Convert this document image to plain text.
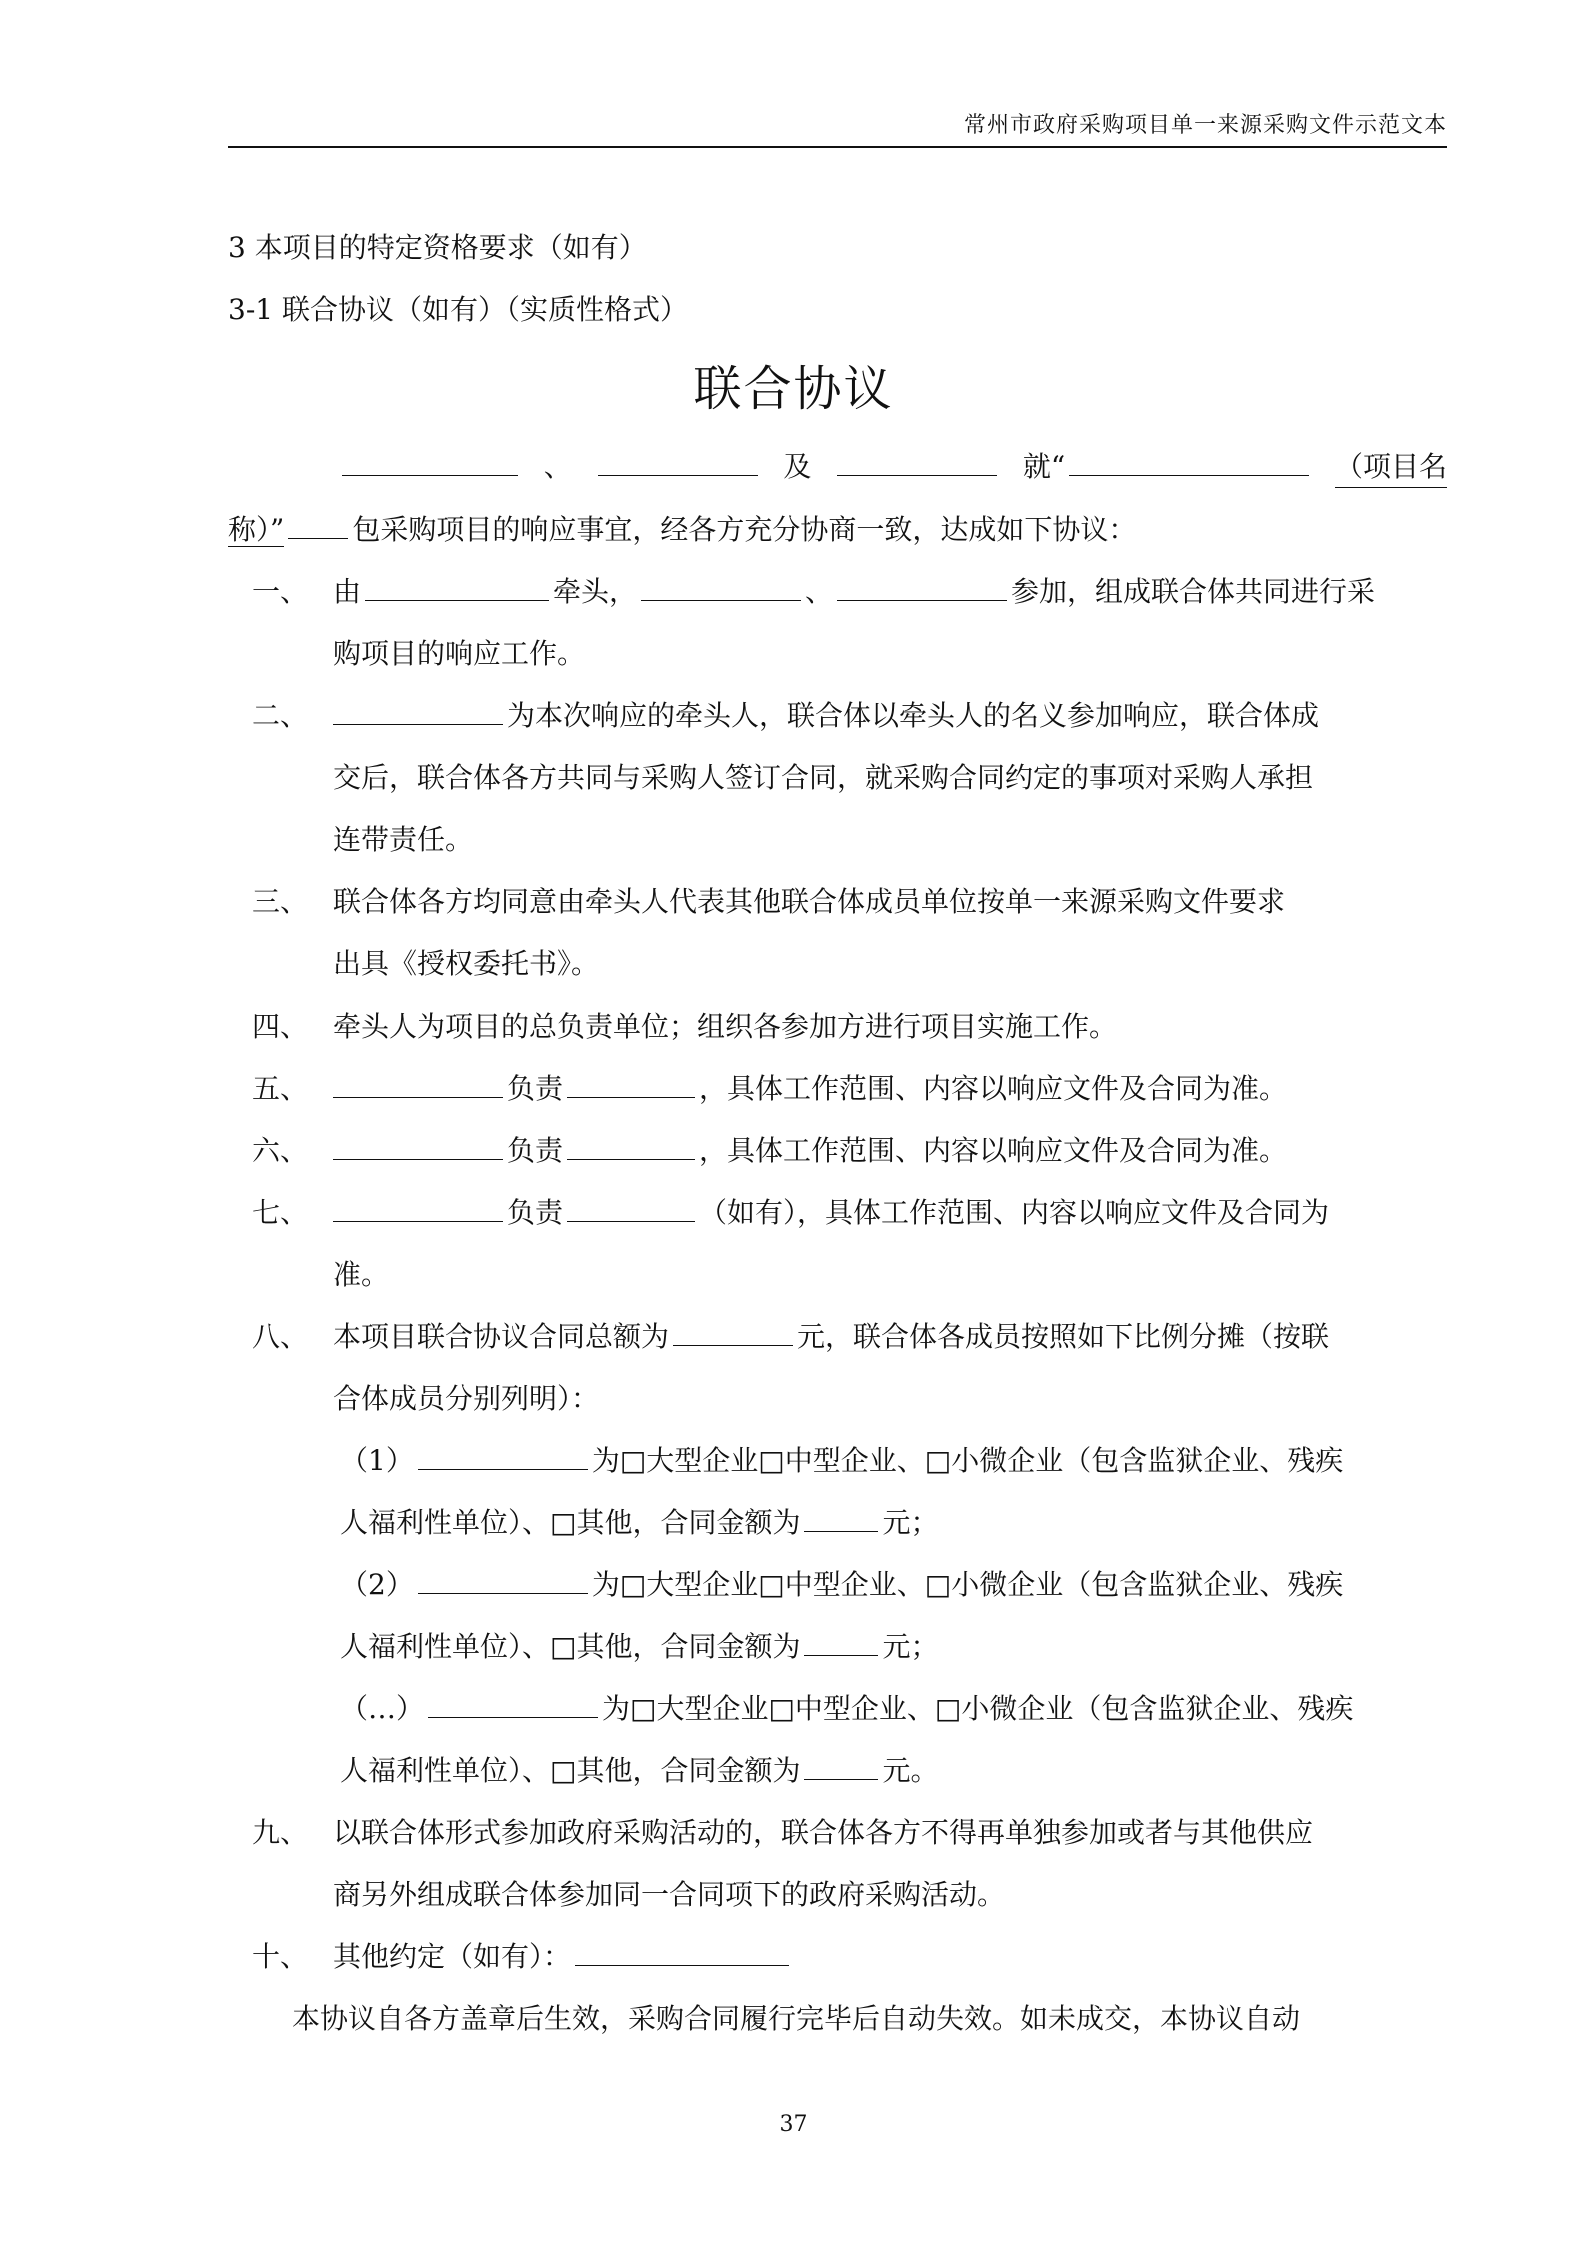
常州市政府采购项目单一来源采购文件示范文本
3 本项目的特定资格要求（如有）
3-1 联合协议（如有）（实质性格式）
联合协议
、	及	就“	（项目名
称）” 包采购项目的响应事宜，经各方充分协商一致，达成如下协议：
一、 由	牵头，	、	参加，组成联合体共同进行采
购项目的响应工作。
二、	为本次响应的牵头人，联合体以牵头人的名义参加响应，联合体成
交后，联合体各方共同与采购人签订合同，就采购合同约定的事项对采购人承担
连带责任。
三、 联合体各方均同意由牵头人代表其他联合体成员单位按单一来源采购文件要求
出具《授权委托书》。
四、 牵头人为项目的总负责单位；组织各参加方进行项目实施工作。
五、	负责	，具体工作范围、内容以响应文件及合同为准。
六、	负责	，具体工作范围、内容以响应文件及合同为准。
七、	负责	（如有），具体工作范围、内容以响应文件及合同为
准。
八、 本项目联合协议合同总额为	元，联合体各成员按照如下比例分摊（按联
合体成员分别列明）：
（1）	为□大型企业□中型企业、□小微企业（包含监狱企业、残疾
人福利性单位）、□其他，合同金额为	元；
（2）	为□大型企业□中型企业、□小微企业（包含监狱企业、残疾
人福利性单位）、□其他，合同金额为	元；
（…）	为□大型企业□中型企业、□小微企业（包含监狱企业、残疾
人福利性单位）、□其他，合同金额为	元。
九、 以联合体形式参加政府采购活动的，联合体各方不得再单独参加或者与其他供应
商另外组成联合体参加同一合同项下的政府采购活动。
十、 其他约定（如有）：
本协议自各方盖章后生效，采购合同履行完毕后自动失效。如未成交，本协议自动
37
